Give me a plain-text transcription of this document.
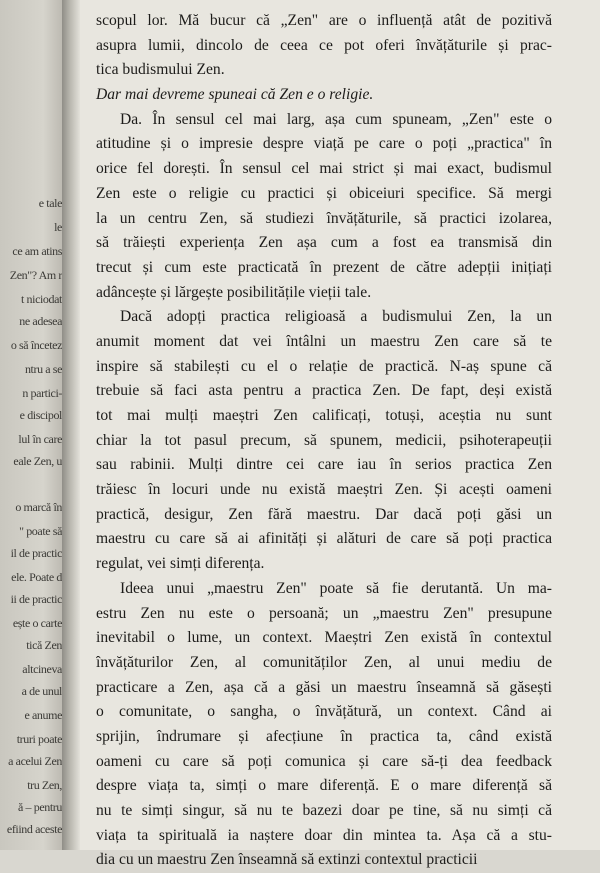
e tale
le
ce am atins
Zen"? Am r
t niciodat
ne adesea
o să încetez
ntru a se
n partici-
e discipol
lul în care
eale Zen, u
o marcă în
" poate să
il de practic
ele. Poate d
ii de practic
ește o carte
tică Zen
altcineva
a de unul
e anume
truri poate
a acelui Zen
tru Zen,
ă – pentru
efiind aceste

scopul lor. Mă bucur că „Zen" are o influență atât de pozitivă
asupra lumii, dincolo de ceea ce pot oferi învățăturile și prac-
tica budismului Zen.

Dar mai devreme spuneai că Zen e o religie.

Da. În sensul cel mai larg, așa cum spuneam, „Zen" este o
atitudine și o impresie despre viață pe care o poți „practica" în
orice fel dorești. În sensul cel mai strict și mai exact, budismul
Zen este o religie cu practici și obiceiuri specifice. Să mergi
la un centru Zen, să studiezi învățăturile, să practici izolarea,
să trăiești experiența Zen așa cum a fost ea transmisă din
trecut și cum este practicată în prezent de către adepții inițiați
adâncește și lărgește posibilitățile vieții tale.

Dacă adopți practica religioasă a budismului Zen, la un
anumit moment dat vei întâlni un maestru Zen care să te
inspire să stabilești cu el o relație de practică. N-aș spune că
trebuie să faci asta pentru a practica Zen. De fapt, deși există
tot mai mulți maeștri Zen calificați, totuși, aceștia nu sunt
chiar la tot pasul precum, să spunem, medicii, psihoterapeuții
sau rabinii. Mulți dintre cei care iau în serios practica Zen
trăiesc în locuri unde nu există maeștri Zen. Și acești oameni
practică, desigur, Zen fără maestru. Dar dacă poți găsi un
maestru cu care să ai afinități și alături de care să poți practica
regulat, vei simți diferența.

Ideea unui „maestru Zen" poate să fie derutantă. Un ma-
estru Zen nu este o persoană; un „maestru Zen" presupune
inevitabil o lume, un context. Maeștri Zen există în contextul
învățăturilor Zen, al comunităților Zen, al unui mediu de
practicare a Zen, așa că a găsi un maestru înseamnă să găsești
o comunitate, o sangha, o învățătură, un context. Când ai
sprijin, îndrumare și afecțiune în practica ta, când există
oameni cu care să poți comunica și care să-ți dea feedback
despre viața ta, simți o mare diferență. E o mare diferență să
nu te simți singur, să nu te bazezi doar pe tine, să nu simți că
viața ta spirituală ia naștere doar din mintea ta. Așa că a stu-
dia cu un maestru Zen înseamnă să extinzi contextul practicii
